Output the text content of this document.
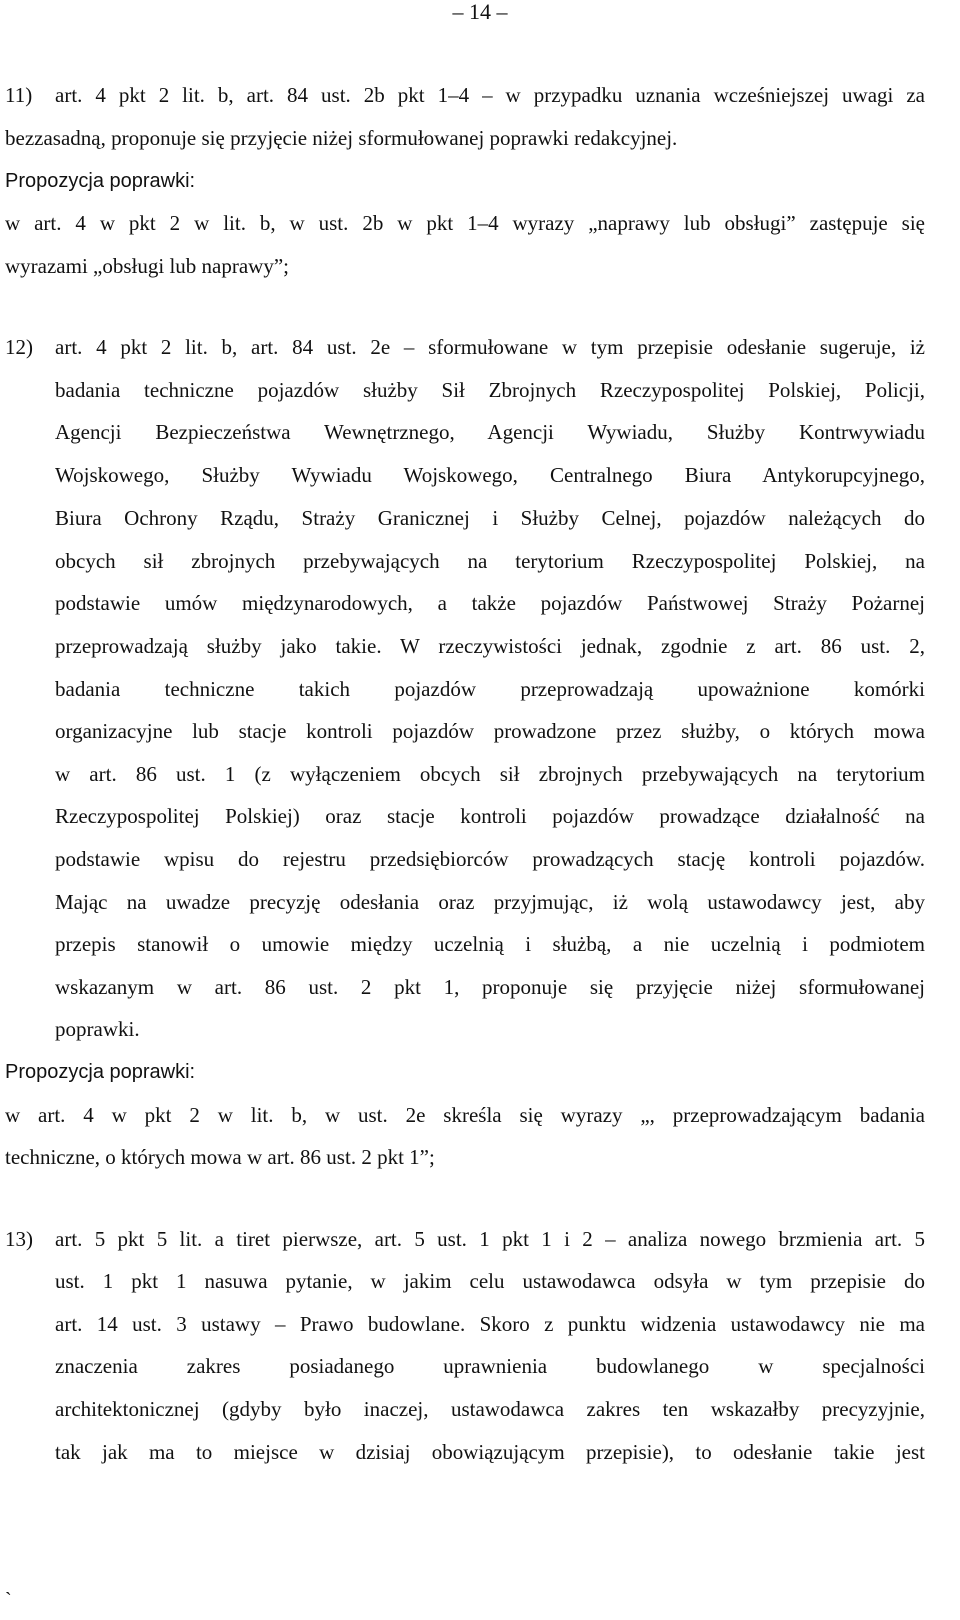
– 14 –
11) art. 4 pkt 2 lit. b, art. 84 ust. 2b pkt 1–4 – w przypadku uznania wcześniejszej uwagi za
bezzasadną, proponuje się przyjęcie niżej sformułowanej poprawki redakcyjnej.
Propozycja poprawki:
w art. 4 w pkt 2 w lit. b, w ust. 2b w pkt 1–4 wyrazy „naprawy lub obsługi” zastępuje się
wyrazami „obsługi lub naprawy”;
12) art. 4 pkt 2 lit. b, art. 84 ust. 2e – sformułowane w tym przepisie odesłanie sugeruje, iż
badania techniczne pojazdów służby Sił Zbrojnych Rzeczypospolitej Polskiej, Policji,
Agencji Bezpieczeństwa Wewnętrznego, Agencji Wywiadu, Służby Kontrwywiadu
Wojskowego, Służby Wywiadu Wojskowego, Centralnego Biura Antykorupcyjnego,
Biura Ochrony Rządu, Straży Granicznej i Służby Celnej, pojazdów należących do
obcych sił zbrojnych przebywających na terytorium Rzeczypospolitej Polskiej, na
podstawie umów międzynarodowych, a także pojazdów Państwowej Straży Pożarnej
przeprowadzają służby jako takie. W rzeczywistości jednak, zgodnie z art. 86 ust. 2,
badania techniczne takich pojazdów przeprowadzają upoważnione komórki
organizacyjne lub stacje kontroli pojazdów prowadzone przez służby, o których mowa
w art. 86 ust. 1 (z wyłączeniem obcych sił zbrojnych przebywających na terytorium
Rzeczypospolitej Polskiej) oraz stacje kontroli pojazdów prowadzące działalność na
podstawie wpisu do rejestru przedsiębiorców prowadzących stację kontroli pojazdów.
Mając na uwadze precyzję odesłania oraz przyjmując, iż wolą ustawodawcy jest, aby
przepis stanowił o umowie między uczelnią i służbą, a nie uczelnią i podmiotem
wskazanym w art. 86 ust. 2 pkt 1, proponuje się przyjęcie niżej sformułowanej
poprawki.
Propozycja poprawki:
w art. 4 w pkt 2 w lit. b, w ust. 2e skreśla się wyrazy „, przeprowadzającym badania
techniczne, o których mowa w art. 86 ust. 2 pkt 1”;
13) art. 5 pkt 5 lit. a tiret pierwsze, art. 5 ust. 1 pkt 1 i 2 – analiza nowego brzmienia art. 5
ust. 1 pkt 1 nasuwa pytanie, w jakim celu ustawodawca odsyła w tym przepisie do
art. 14 ust. 3 ustawy – Prawo budowlane. Skoro z punktu widzenia ustawodawcy nie ma
znaczenia zakres posiadanego uprawnienia budowlanego w specjalności
architektonicznej (gdyby było inaczej, ustawodawca zakres ten wskazałby precyzyjnie,
tak jak ma to miejsce w dzisiaj obowiązującym przepisie), to odesłanie takie jest
`
